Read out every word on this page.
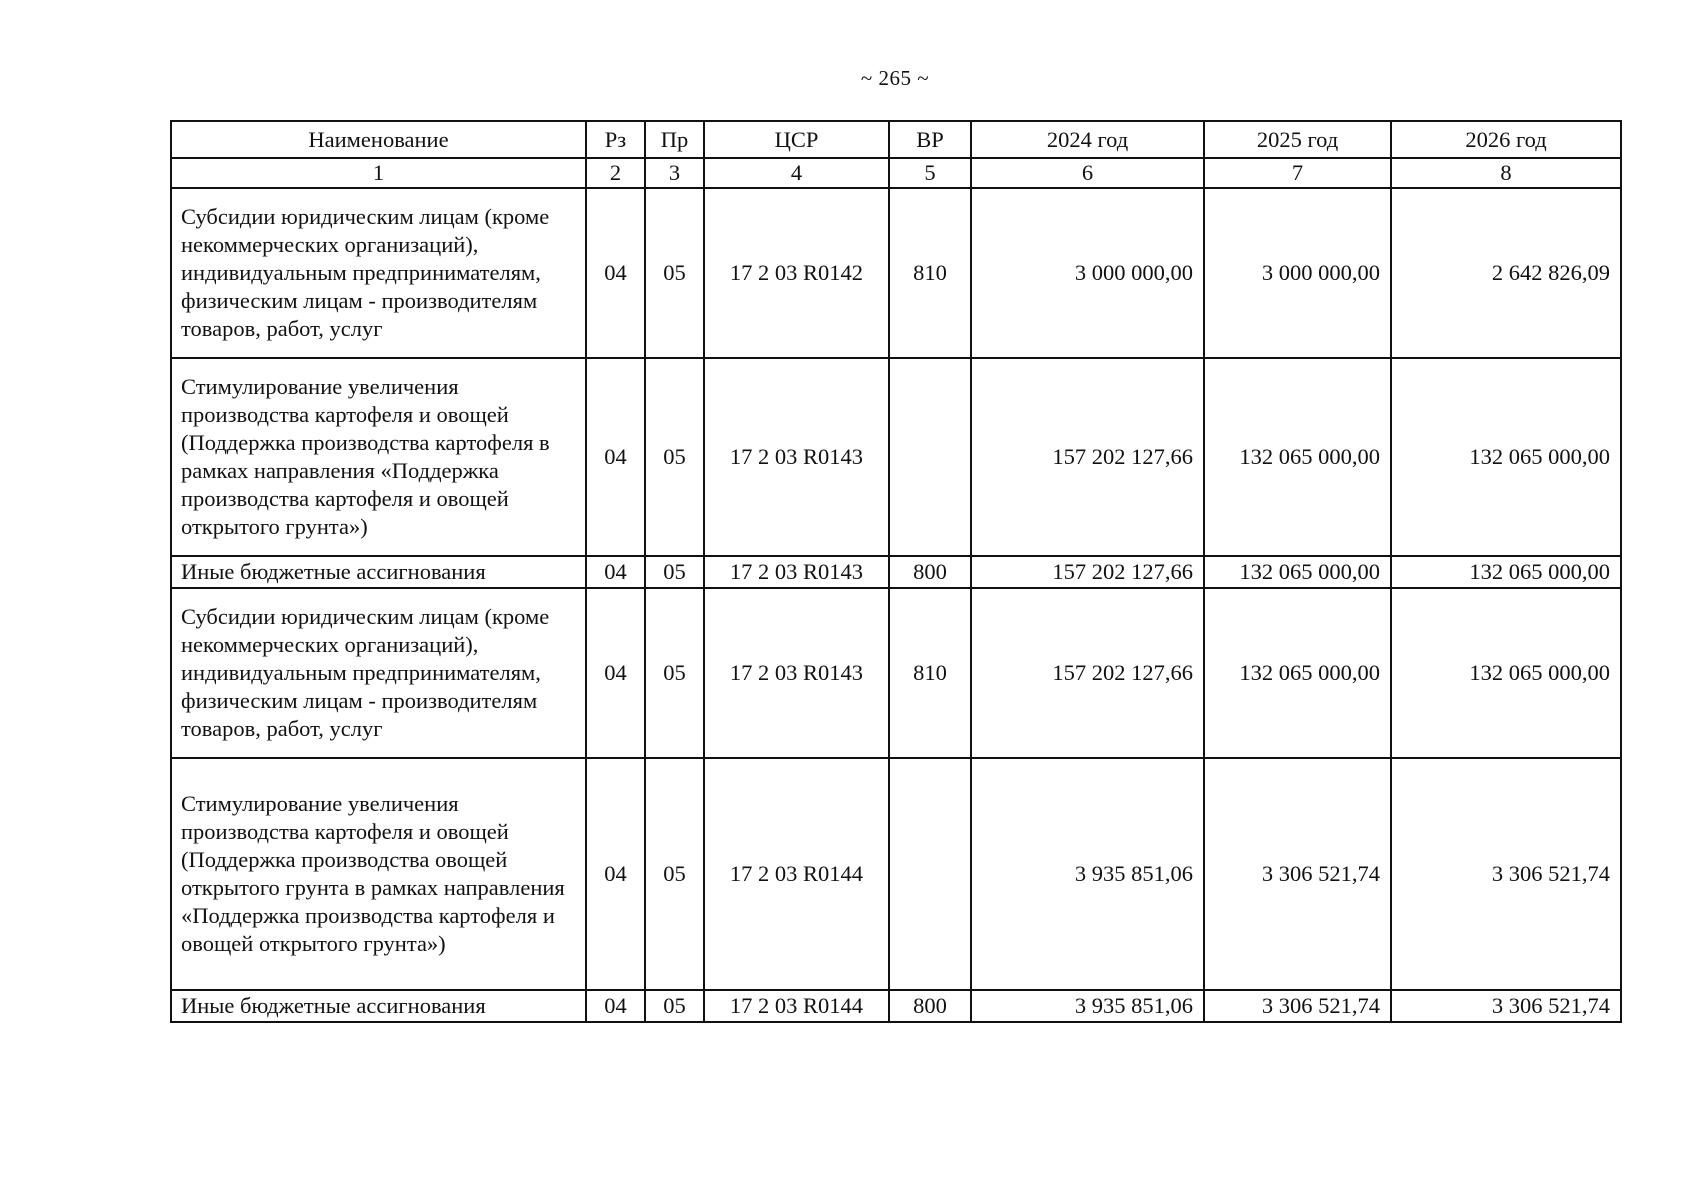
~ 265 ~
Наименование	Рз	Пр	ЦСР	ВР	2024 год	2025 год	2026 год
1	2	3	4	5	6	7	8
Субсидии юридическим лицам (кроме некоммерческих организаций), индивидуальным предпринимателям, физическим лицам - производителям товаров, работ, услуг	04	05	17 2 03 R0142	810	3 000 000,00	3 000 000,00	2 642 826,09
Стимулирование увеличения производства картофеля и овощей (Поддержка производства картофеля в рамках направления «Поддержка производства картофеля и овощей открытого грунта»)	04	05	17 2 03 R0143		157 202 127,66	132 065 000,00	132 065 000,00
Иные бюджетные ассигнования	04	05	17 2 03 R0143	800	157 202 127,66	132 065 000,00	132 065 000,00
Субсидии юридическим лицам (кроме некоммерческих организаций), индивидуальным предпринимателям, физическим лицам - производителям товаров, работ, услуг	04	05	17 2 03 R0143	810	157 202 127,66	132 065 000,00	132 065 000,00
Стимулирование увеличения производства картофеля и овощей (Поддержка производства овощей открытого грунта в рамках направления «Поддержка производства картофеля и овощей открытого грунта»)	04	05	17 2 03 R0144		3 935 851,06	3 306 521,74	3 306 521,74
Иные бюджетные ассигнования	04	05	17 2 03 R0144	800	3 935 851,06	3 306 521,74	3 306 521,74
